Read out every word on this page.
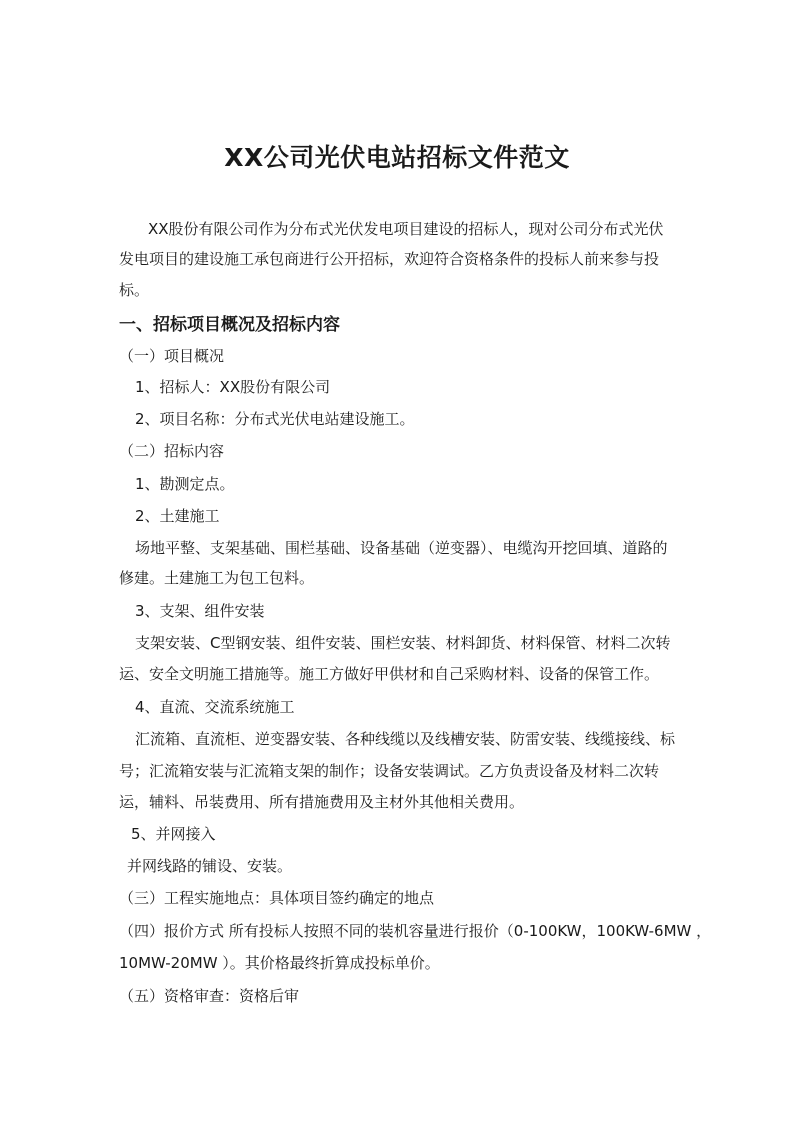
XX公司光伏电站招标文件范文

XX股份有限公司作为分布式光伏发电项目建设的招标人，现对公司分布式光伏

发电项目的建设施工承包商进行公开招标，欢迎符合资格条件的投标人前来参与投

标。

一、招标项目概况及招标内容

（一）项目概况

1、招标人：XX股份有限公司

2、项目名称：分布式光伏电站建设施工。

（二）招标内容

1、勘测定点。

2、土建施工

场地平整、支架基础、围栏基础、设备基础（逆变器）、电缆沟开挖回填、道路的

修建。土建施工为包工包料。

3、支架、组件安装

支架安装、C型钢安装、组件安装、围栏安装、材料卸货、材料保管、材料二次转

运、安全文明施工措施等。施工方做好甲供材和自己采购材料、设备的保管工作。

4、直流、交流系统施工

汇流箱、直流柜、逆变器安装、各种线缆以及线槽安装、防雷安装、线缆接线、标

号；汇流箱安装与汇流箱支架的制作；设备安装调试。乙方负责设备及材料二次转

运，辅料、吊装费用、所有措施费用及主材外其他相关费用。

5、并网接入

并网线路的铺设、安装。

（三）工程实施地点：具体项目签约确定的地点

（四）报价方式 所有投标人按照不同的装机容量进行报价（0-100KW，100KW-6MW ，

10MW-20MW ）。其价格最终折算成投标单价。

（五）资格审查：资格后审
